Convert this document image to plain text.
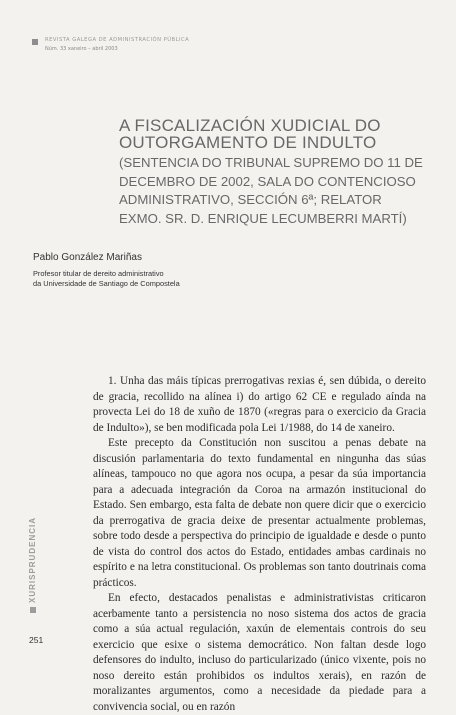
REVISTA GALEGA DE ADMINISTRACIÓN PÚBLICA
Núm. 33 xaneiro – abril 2003
A FISCALIZACIÓN XUDICIAL DO
OUTORGAMENTO DE INDULTO
(SENTENCIA DO TRIBUNAL SUPREMO DO 11 DE
DECEMBRO DE 2002, SALA DO CONTENCIOSO
ADMINISTRATIVO, SECCIÓN 6ª; RELATOR
EXMO. SR. D. ENRIQUE LECUMBERRI MARTÍ)
Pablo González Mariñas
Profesor titular de dereito administrativo
da Universidade de Santiago de Compostela

1. Unha das máis típicas prerrogativas rexias é, sen dúbida, o dereito de gracia, recollido na alínea i) do artigo 62 CE e regulado aínda na provecta Lei do 18 de xuño de 1870 («regras para o exercicio da Gracia de Indulto»), se ben modificada pola Lei 1/1988, do 14 de xaneiro.

Este precepto da Constitución non suscitou a penas debate na discusión parlamentaria do texto fundamental en ningunha das súas alíneas, tampouco no que agora nos ocupa, a pesar da súa importancia para a adecuada integración da Coroa na armazón institucional do Estado. Sen embargo, esta falta de debate non quere dicir que o exercicio da prerrogativa de gracia deixe de presentar actualmente problemas, sobre todo desde a perspectiva do principio de igualdade e desde o punto de vista do control dos actos do Estado, entidades ambas cardinais no espírito e na letra constitucional. Os problemas son tanto doutrinais coma prácticos.

En efecto, destacados penalistas e administrativistas criticaron acerbamente tanto a persistencia no noso sistema dos actos de gracia como a súa actual regulación, xaxún de elementais controis do seu exercicio que esixe o sistema democrático. Non faltan desde logo defensores do indulto, incluso do particularizado (único vixente, pois no noso dereito están prohibidos os indultos xerais), en razón de moralizantes argumentos, como a necesidade da piedade para a convivencia social, ou en razón

XURISPRUDENCIA
251
